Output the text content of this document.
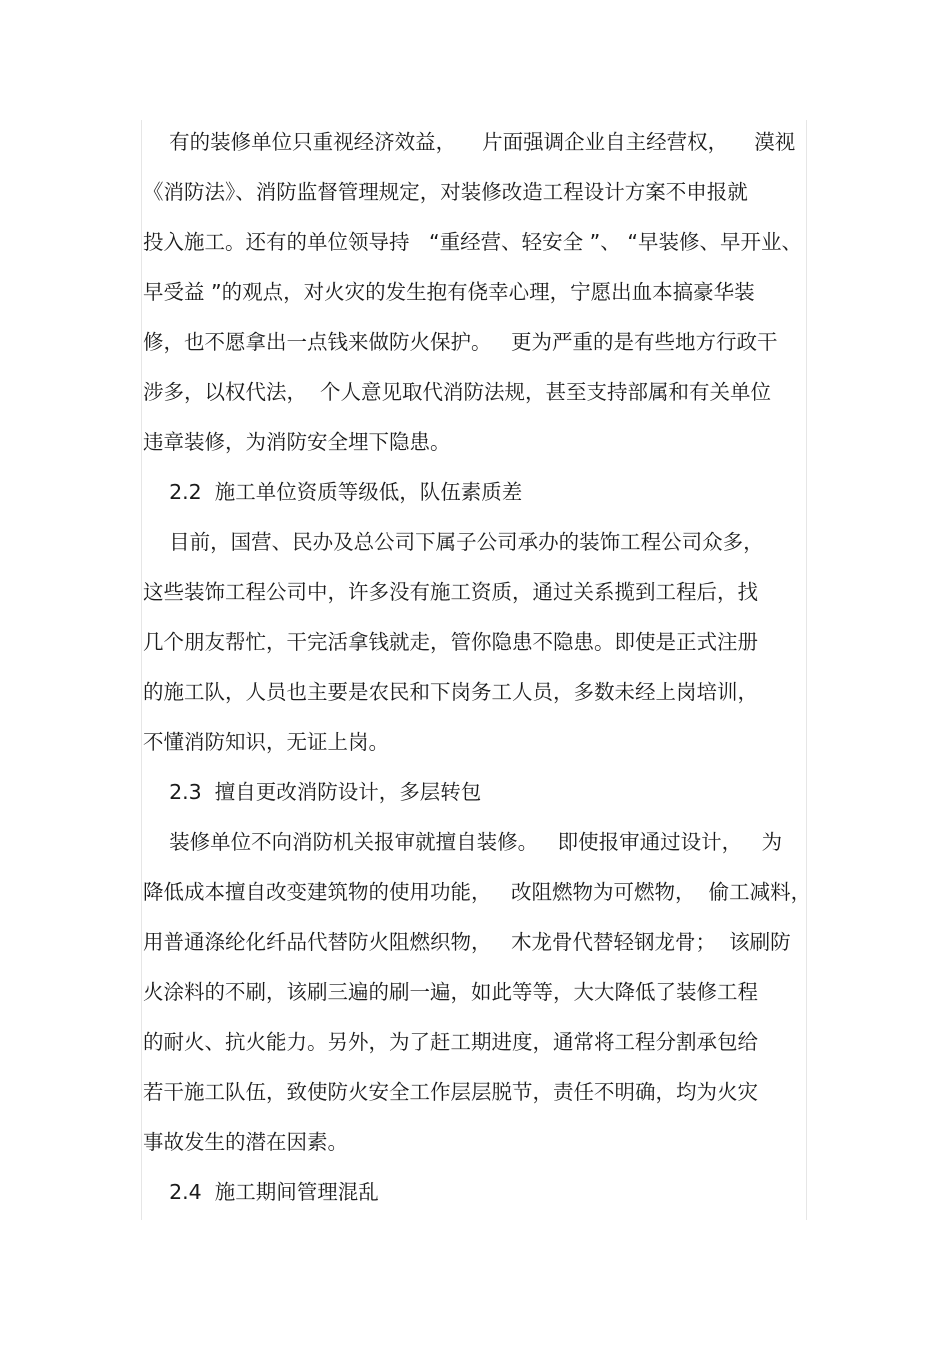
有的装修单位只重视经济效益，    片面强调企业自主经营权，    漠视
《消防法》、消防监督管理规定，对装修改造工程设计方案不申报就
投入施工。还有的单位领导持   “重经营、轻安全 ”、 “早装修、早开业、
早受益 ”的观点，对火灾的发生抱有侥幸心理，宁愿出血本搞豪华装
修，也不愿拿出一点钱来做防火保护。   更为严重的是有些地方行政干
涉多，以权代法，  个人意见取代消防法规，甚至支持部属和有关单位
违章装修，为消防安全埋下隐患。
2.2  施工单位资质等级低，队伍素质差
目前，国营、民办及总公司下属子公司承办的装饰工程公司众多，
这些装饰工程公司中，许多没有施工资质，通过关系揽到工程后，找
几个朋友帮忙，干完活拿钱就走，管你隐患不隐患。即使是正式注册
的施工队，人员也主要是农民和下岗务工人员，多数未经上岗培训，
不懂消防知识，无证上岗。
2.3  擅自更改消防设计，多层转包
装修单位不向消防机关报审就擅自装修。   即使报审通过设计，   为
降低成本擅自改变建筑物的使用功能，   改阻燃物为可燃物，  偷工减料，
用普通涤纶化纤品代替防火阻燃织物，   木龙骨代替轻钢龙骨；  该刷防
火涂料的不刷，该刷三遍的刷一遍，如此等等，大大降低了装修工程
的耐火、抗火能力。另外，为了赶工期进度，通常将工程分割承包给
若干施工队伍，致使防火安全工作层层脱节，责任不明确，均为火灾
事故发生的潜在因素。
2.4  施工期间管理混乱
